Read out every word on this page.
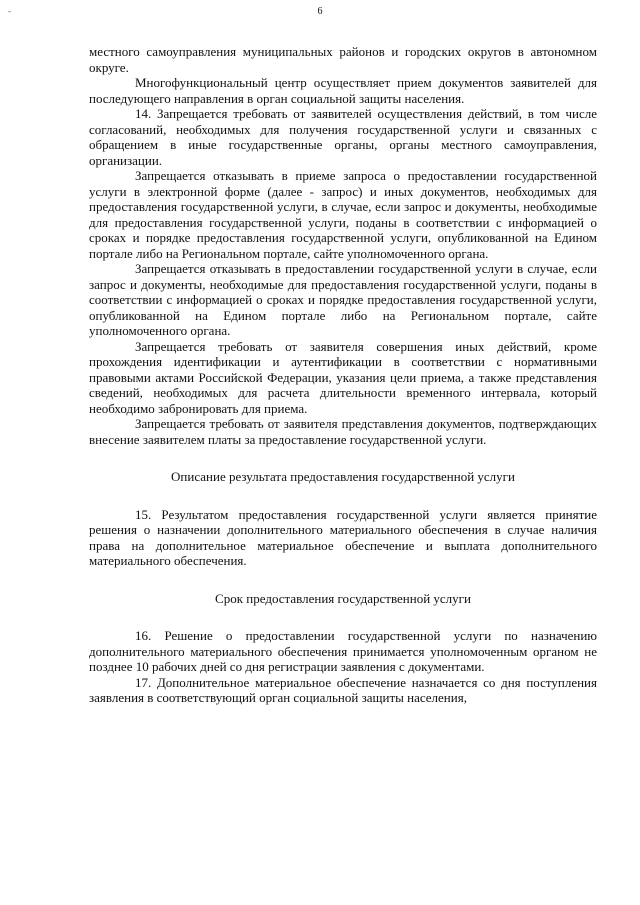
-	6

местного самоуправления муниципальных районов и городских округов в автономном округе.

Многофункциональный центр осуществляет прием документов заявителей для последующего направления в орган социальной защиты населения.

14. Запрещается требовать от заявителей осуществления действий, в том числе согласований, необходимых для получения государственной услуги и связанных с обращением в иные государственные органы, органы местного самоуправления, организации.

Запрещается отказывать в приеме запроса о предоставлении государственной услуги в электронной форме (далее - запрос) и иных документов, необходимых для предоставления государственной услуги, в случае, если запрос и документы, необходимые для предоставления государственной услуги, поданы в соответствии с информацией о сроках и порядке предоставления государственной услуги, опубликованной на Едином портале либо на Региональном портале, сайте уполномоченного органа.

Запрещается отказывать в предоставлении государственной услуги в случае, если запрос и документы, необходимые для предоставления государственной услуги, поданы в соответствии с информацией о сроках и порядке предоставления государственной услуги, опубликованной на Едином портале либо на Региональном портале, сайте уполномоченного органа.

Запрещается требовать от заявителя совершения иных действий, кроме прохождения идентификации и аутентификации в соответствии с нормативными правовыми актами Российской Федерации, указания цели приема, а также представления сведений, необходимых для расчета длительности временного интервала, который необходимо забронировать для приема.

Запрещается требовать от заявителя представления документов, подтверждающих внесение заявителем платы за предоставление государственной услуги.

Описание результата предоставления государственной услуги

15. Результатом предоставления государственной услуги является принятие решения о назначении дополнительного материального обеспечения в случае наличия права на дополнительное материальное обеспечение и выплата дополнительного материального обеспечения.

Срок предоставления государственной услуги

16. Решение о предоставлении государственной услуги по назначению дополнительного материального обеспечения принимается уполномоченным органом не позднее 10 рабочих дней со дня регистрации заявления с документами.

17. Дополнительное материальное обеспечение назначается со дня поступления заявления в соответствующий орган социальной защиты населения,
